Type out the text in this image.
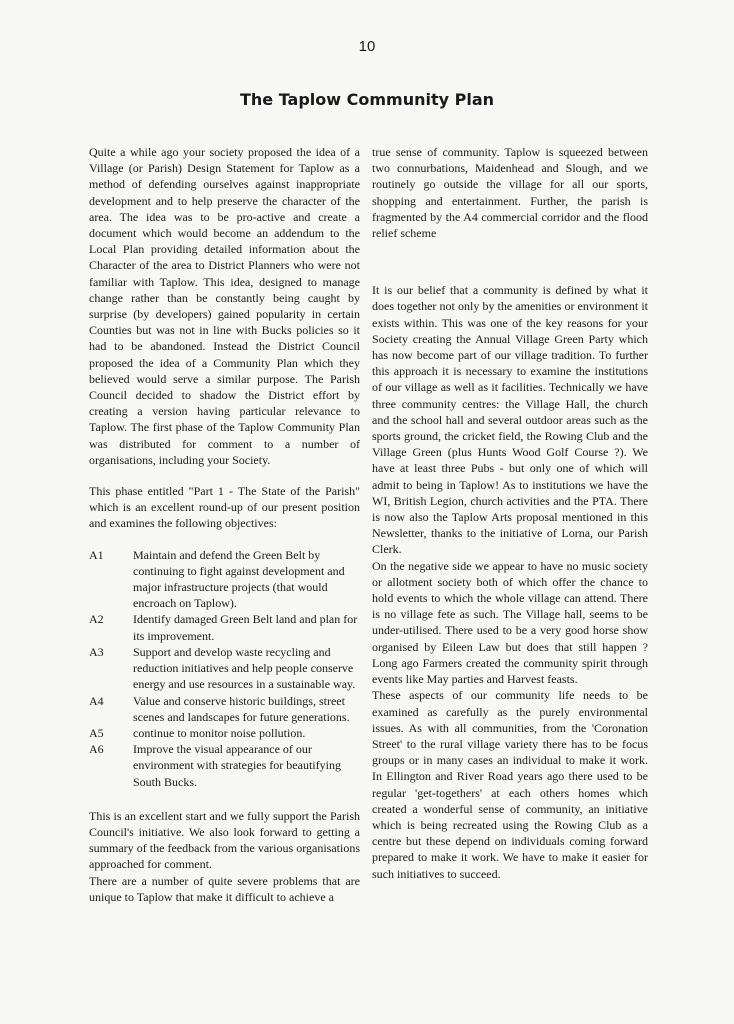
10
The Taplow Community Plan

Quite a while ago your society proposed the idea of a Village (or Parish) Design Statement for Taplow as a method of defending ourselves against inappropriate development and to help preserve the character of the area. The idea was to be pro-active and create a document which would become an addendum to the Local Plan providing detailed information about the Character of the area to District Planners who were not familiar with Taplow. This idea, designed to manage change rather than be constantly being caught by surprise (by developers) gained popularity in certain Counties but was not in line with Bucks policies so it had to be abandoned. Instead the District Council proposed the idea of a Community Plan which they believed would serve a similar purpose. The Parish Council decided to shadow the District effort by creating a version having particular relevance to Taplow. The first phase of the Taplow Community Plan was distributed for comment to a number of organisations, including your Society.

This phase entitled "Part 1 - The State of the Parish" which is an excellent round-up of our present position and examines the following objectives:

A1	Maintain and defend the Green Belt by continuing to fight against development and major infrastructure projects (that would encroach on Taplow).
A2	Identify damaged Green Belt land and plan for its improvement.
A3	Support and develop waste recycling and reduction initiatives and help people conserve energy and use resources in a sustainable way.
A4	Value and conserve historic buildings, street scenes and landscapes for future generations.
A5	continue to monitor noise pollution.
A6	Improve the visual appearance of our environment with strategies for beautifying South Bucks.

This is an excellent start and we fully support the Parish Council's initiative. We also look forward to getting a summary of the feedback from the various organisations approached for comment.

There are a number of quite severe problems that are unique to Taplow that make it difficult to achieve a

true sense of community. Taplow is squeezed between two connurbations, Maidenhead and Slough, and we routinely go outside the village for all our sports, shopping and entertainment. Further, the parish is fragmented by the A4 commercial corridor and the flood relief scheme

It is our belief that a community is defined by what it does together not only by the amenities or environment it exists within. This was one of the key reasons for your Society creating the Annual Village Green Party which has now become part of our village tradition. To further this approach it is necessary to examine the institutions of our village as well as it facilities. Technically we have three community centres: the Village Hall, the church and the school hall and several outdoor areas such as the sports ground, the cricket field, the Rowing Club and the Village Green (plus Hunts Wood Golf Course ?). We have at least three Pubs - but only one of which will admit to being in Taplow! As to institutions we have the WI, British Legion, church activities and the PTA. There is now also the Taplow Arts proposal mentioned in this Newsletter, thanks to the initiative of Lorna, our Parish Clerk.

On the negative side we appear to have no music society or allotment society both of which offer the chance to hold events to which the whole village can attend. There is no village fete as such. The Village hall, seems to be under-utilised. There used to be a very good horse show organised by Eileen Law but does that still happen ? Long ago Farmers created the community spirit through events like May parties and Harvest feasts.

These aspects of our community life needs to be examined as carefully as the purely environmental issues. As with all communities, from the 'Coronation Street' to the rural village variety there has to be focus groups or in many cases an individual to make it work. In Ellington and River Road years ago there used to be regular 'get-togethers' at each others homes which created a wonderful sense of community, an initiative which is being recreated using the Rowing Club as a centre but these depend on individuals coming forward prepared to make it work. We have to make it easier for such initiatives to succeed.
